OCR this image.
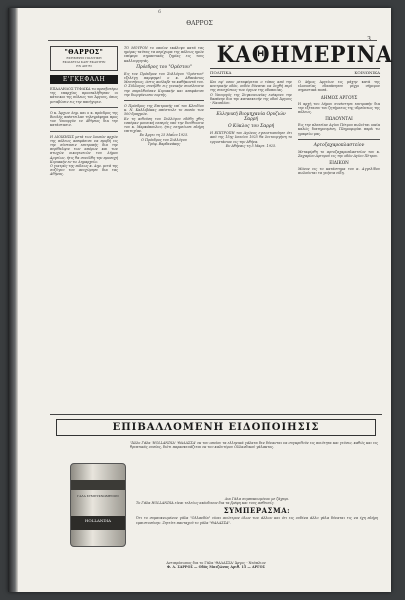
6
ΘΑΡΡΟΣ
3
"ΘΑΡΡΟΣ"
ΕΦΗΜΕΡΙΣ ΠΟΛΙΤΙΚΗ
ΕΚΔΙΔΕΤΑΙ ΚΑΘ' ΕΚΑΣΤΗΝ
ΕΝ ΑΡΓΕΙ
Ε'ΓΚΕΦΑΛΗ

ΕΠΑΛΛΗΛΟΣ ΤΥΦΛΙΚΑ τω πρεσβυτέρω της επαρχίας προσεκλήθησαν οι κάτοικοι της πόλεως του Άργους, όπως μεταβώσιν εις την πανήγυριν.

Ο κ. Άρχων Δημ. και ο κ. πρόεδρος της Βουλής απέστειλαν τηλεγράφημα προς τον Υπουργόν εν Αθήναις δια την κατάστασιν.

Η ΔΙΟΙΚΗΣΙΣ μετά των λοιπών αρχών της πόλεως απεφάσισε να προβή εις την σύστασιν επιτροπής δια την περίθαλψιν των απόρων και των πτωχών οικογενειών του Δήμου Αργείων, ήτις θα συνέλθη την προσεχή Κυριακήν εν τω Δημαρχείω.

Ο γιατρός της πόλεως κ. Δημ. μετά της συζύγου του ανεχώρησε δια τας Αθήνας.

ΤΟ ΜΟΥΡΟΝ το οποίον εκάλυψε κατά τας ημέρας ταύτας τα περίχωρα της πόλεως ημών επέφερε σημαντικάς ζημίας εις τους καλλιεργητάς.

Πρόεδρος του "Ορέστου"

Εις τον Πρόεδρον του Συλλόγου "Ορέστου" εξελέγη παμψηφεί ο κ. Αθανάσιος Μεσσήνιος, όστις ανέλαβε τα καθήκοντά του.

Ο Σύλλογος συνήλθε εις γενικήν συνέλευσιν την παρελθούσαν Κυριακήν και απεφάσισε την διοργάνωσιν εορτής.

Ο Πρόεδρος της Επιτροπής επί του Κλειδίου κ. Ν. Καλλιβόκας απέστειλε το ποσόν των 500 δραχμών.

Εν τη αιθούση του Συλλόγου εδόθη χθες εσπέραν μουσική εσπερίς υπό την διεύθυνσιν του κ. Μαρκόπουλου, ήτις εσημείωσε πλήρη επιτυχίαν.

Εν Άργει τη 25 Μαΐου 1925.

Ο Πρόεδρος του Συλλόγου

Τρύφ. Βαρδανάκης

ΚΑΘΗΜΕΡΙΝΑ
ΠΟΛΙΤΙΚΑ	ΚΟΙΝΩΝΙΚΑ

Και εφ' οσον μεταφέρεται ο τόπος από την κεντρικήν οδόν, ουδέν δύναται να λεχθή περί της συνεχίσεως των έργων της οδοποιίας.

Ο Υπουργός της Συγκοινωνίας ενέκρινε την δαπάνην δια την κατασκευήν της οδού Άργους - Ναυπλίου.

Ελληνική Βιομηχανία Ορυζιών Σαρρή
Ο Κύκλος του Σαρρή

Η ΕΠΙΤΡΟΠΗ του Αγώνος εγνωστοποίησε ότι από της 15ης Ιουνίου 1925 θα λειτουργήση το εργοστάσιον εις την Αθήνα.

Εν Αθήναις τη 5 Μαρτ. 1925.

Ο Δήμος Αργείων εις μάχην κατά της ελονοσίας εδαπάνησεν μέχρι σήμερον σημαντικά ποσά.

ΔΗΜΟΣ ΑΡΓΟΥΣ

Η αρχή του Δήμου συνέστησε επιτροπήν δια την εξέτασιν του ζητήματος της υδρεύσεως της πόλεως.

ΠΩΛΟΥΝΤΑΙ

Εις την πλατείαν Αγίου Πέτρου πωλείται οικία καλώς διατηρουμένη. Πληροφορίαι παρά τω γραφείω μας.

Αρτοζαχαροπλαστείον

Μεταφέρθη το αρτοζαχαροπλαστείον του κ. Ζαχαρίου Αρτυρού εις την οδόν Αγίου Πέτρου.

ΕΙΔΙΚΟΝ

Μόνον εις το κατάστημα του κ. Αγγελίδου πωλούνται τα γνήσια είδη.

ΕΠΙΒΑΛΛΟΜΕΝΗ ΕΙΔΟΠΟΙΗΣΙΣ

"Άλλο Γάλα 'HOLLANDIA' 'ΘΑΛΑΣΣΑ' εκ του οποίου τα ελληνικά γάλατα δεν δύνανται να συγκριθούν εις ποιότητα και γεύσιν, καθώς και εις θρεπτικάς ουσίας, διότι παρασκευάζεται εκ του καλυτέρου Ολλανδικού γάλακτος.

ΓΑΛΑ ΣΥΜΠΥΚΝΩΜΕΝΟΝ
HOLLANDIA

Δια Γάλα συμπυκνωμένον με ζάχαρι.

Το Γάλα HOLLANDIA είναι τελείως ακίνδυνον δια τα βρέφη και τους ασθενείς.

ΣΥΜΠΕΡΑΣΜΑ:

Ότι το συμπυκνωμένον γάλα "Ολλανδία" είναι ανώτερον όλων των άλλων και ότι εις ουδένα άλλο γάλα δύναται τις να έχη πλήρη εμπιστοσύνην. Ζητείτε πανταχού το γάλα "ΘΑΛΑΣΣΑ".

Αντιπρόσωπος δια το Γάλα 'ΘΑΛΑΣΣΑ' Άργος - Ναύπλιον

Φ. Δ. ΣΑΡΡΟΣ — Οδός Μαιζώνος Αριθ. 15 — ΑΡΓΟΣ
